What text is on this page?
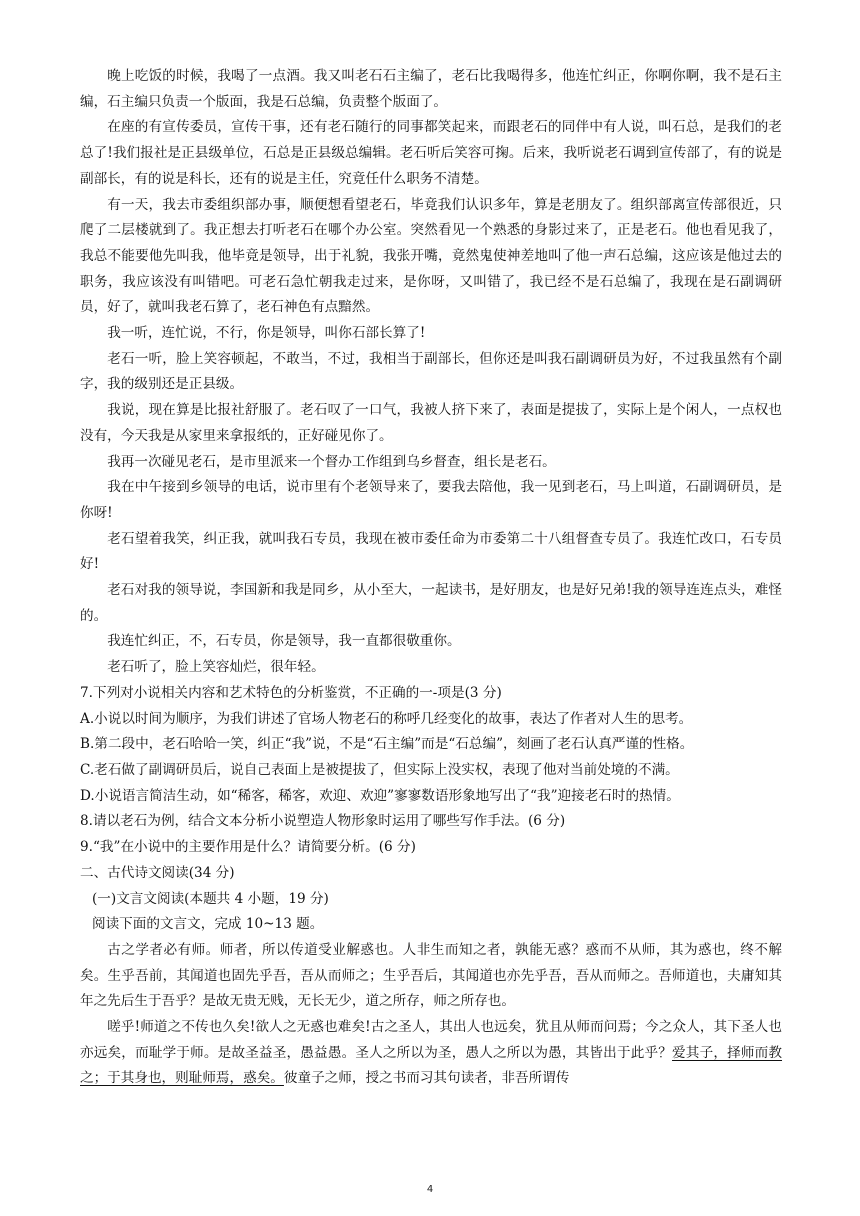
晚上吃饭的时候，我喝了一点酒。我又叫老石石主编了，老石比我喝得多，他连忙纠正，你啊你啊，我不是石主编，石主编只负责一个版面，我是石总编，负责整个版面了。

在座的有宣传委员，宣传干事，还有老石随行的同事都笑起来，而跟老石的同伴中有人说，叫石总，是我们的老总了!我们报社是正县级单位，石总是正县级总编辑。老石听后笑容可掬。后来，我听说老石调到宣传部了，有的说是副部长，有的说是科长，还有的说是主任，究竟任什么职务不清楚。

有一天，我去市委组织部办事，顺便想看望老石，毕竟我们认识多年，算是老朋友了。组织部离宣传部很近，只爬了二层楼就到了。我正想去打听老石在哪个办公室。突然看见一个熟悉的身影过来了，正是老石。他也看见我了，我总不能要他先叫我，他毕竟是领导，出于礼貌，我张开嘴，竟然鬼使神差地叫了他一声石总编，这应该是他过去的职务，我应该没有叫错吧。可老石急忙朝我走过来，是你呀，又叫错了，我已经不是石总编了，我现在是石副调研员，好了，就叫我老石算了，老石神色有点黯然。

我一听，连忙说，不行，你是领导，叫你石部长算了!

老石一听，脸上笑容顿起，不敢当，不过，我相当于副部长，但你还是叫我石副调研员为好，不过我虽然有个副字，我的级别还是正县级。

我说，现在算是比报社舒服了。老石叹了一口气，我被人挤下来了，表面是提拔了，实际上是个闲人，一点权也没有，今天我是从家里来拿报纸的，正好碰见你了。

我再一次碰见老石，是市里派来一个督办工作组到乌乡督查，组长是老石。

我在中午接到乡领导的电话，说市里有个老领导来了，要我去陪他，我一见到老石，马上叫道，石副调研员，是你呀!

老石望着我笑，纠正我，就叫我石专员，我现在被市委任命为市委第二十八组督查专员了。我连忙改口，石专员好!

老石对我的领导说，李国新和我是同乡，从小至大，一起读书，是好朋友，也是好兄弟!我的领导连连点头，难怪的。

我连忙纠正，不，石专员，你是领导，我一直都很敬重你。

老石听了，脸上笑容灿烂，很年轻。

7.下列对小说相关内容和艺术特色的分析鉴赏，不正确的一-项是(3 分)

A.小说以时间为顺序，为我们讲述了官场人物老石的称呼几经变化的故事，表达了作者对人生的思考。

B.第二段中，老石哈哈一笑，纠正“我”说，不是“石主编”而是“石总编”，刻画了老石认真严谨的性格。

C.老石做了副调研员后，说自己表面上是被提拔了，但实际上没实权，表现了他对当前处境的不满。

D.小说语言简洁生动，如“稀客，稀客，欢迎、欢迎”寥寥数语形象地写出了“我”迎接老石时的热情。

8.请以老石为例，结合文本分析小说塑造人物形象时运用了哪些写作手法。(6 分)

9.“我”在小说中的主要作用是什么？请简要分析。(6 分)

二、古代诗文阅读(34 分)

(一)文言文阅读(本题共 4 小题，19 分)

阅读下面的文言文，完成 10~13 题。

古之学者必有师。师者，所以传道受业解惑也。人非生而知之者，孰能无惑？惑而不从师，其为惑也，终不解矣。生乎吾前，其闻道也固先乎吾，吾从而师之；生乎吾后，其闻道也亦先乎吾，吾从而师之。吾师道也，夫庸知其年之先后生于吾乎？是故无贵无贱，无长无少，道之所存，师之所存也。

嗟乎!师道之不传也久矣!欲人之无惑也难矣!古之圣人，其出人也远矣，犹且从师而问焉；今之众人，其下圣人也亦远矣，而耻学于师。是故圣益圣，愚益愚。圣人之所以为圣，愚人之所以为愚，其皆出于此乎？爱其子，择师而教之；于其身也，则耻师焉，惑矣。彼童子之师，授之书而习其句读者，非吾所谓传

4
